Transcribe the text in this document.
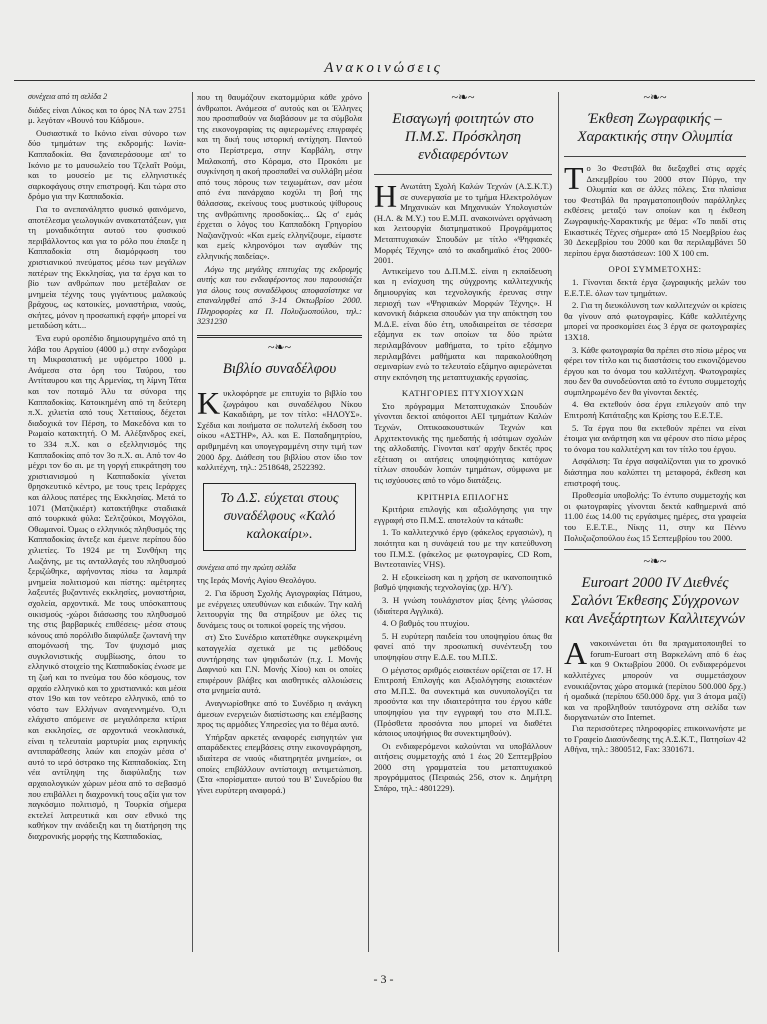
Ανακοινώσεις
συνέχεια από τη σελίδα 2

διάδες είναι Λύκος και το όρος ΝΑ των 2751 μ. λεγόταν «Βουνό του Κάδμου».

Ουσιαστικά το Ικόνιο είναι σύνορο των δύο τμημάτων της εκδρομής: Ιωνία-Καππαδοκία. Θα ξαναπεράσουμε απ' το Ικόνιο με το μαυσωλείο του Τζελαΐτ Ρούμι, και το μουσείο με τις ελληνιστικές σαρκοφάγους στην επιστροφή. Και τώρα στο δρόμο για την Καππαδοκία.

Για το ανεπανάληπτο φυσικό φαινόμενο, αποτέλεσμα γεωλογικών ανακατατάξεων, για τη μοναδικότητα αυτού του φυσικού περιβάλλοντος και για το ρόλο που έπαιξε η Καππαδοκία στη διαμόρφωση του χριστιανικού πνεύματος μέσω των μεγάλων πατέρων της Εκκλησίας, για τα έργα και το βίο των ανθρώπων που μετέβαλαν σε μνημεία τέχνης τους γιγάντιους μαλακούς βράχους, ως κατοικίες, μοναστήρια, ναούς, σκήτες, μόνον η προσωπική εφφή» μπορεί να μεταδώση κάτι...

Ένα ευρύ οροπέδιο δημιουργημένο από τη λάβα του Αργαίου (4000 μ.) στην ενδοχώρα τη Μικρασιατική με υψόμετρο 1000 μ. Ανάμεσα στα όρη του Ταύρου, του Αντίταυρου και της Αρμενίας, τη λίμνη Τάτα και τον ποταμό Άλυ τα σύνορα της Καππαδοκίας. Κατοικημένη από τη δεύτερη π.Χ. χιλιετία από τους Χετταίους, δέχεται διαδοχικά τον Πέρση, το Μακεδόνα και το Ρωμαίο κατακτητή. Ο Μ. Αλέξανδρος εκεί, το 334 π.Χ. και ο εξελληνισμός της Καππαδοκίας από τον 3ο π.Χ. αι. Από τον 4ο μέχρι τον 6ο αι. με τη γοργή επικράτηση του χριστιανισμού η Καππαδοκία γίνεται θρησκευτικό κέντρο, με τους τρεις Ιεράρχες και άλλους πατέρες της Εκκλησίας. Μετά το 1071 (Ματζικιέρτ) κατακτήθηκε σταδιακά από τουρκικά φύλα: Σελτζούκοι, Μογγόλοι, Οθωμανοί. Όμως ο ελληνικός πληθυσμός της Καππαδοκίας άντεξε και έμεινε περίπου δύο χιλιετίες. Το 1924 με τη Συνθήκη της Λωζάνης, με τις ανταλλαγές του πληθυσμού ξεριζώθηκε, αφήνοντας πίσω τα λαμπρά μνημεία πολιτισμού και πίστης: αμέτρητες λαξευτές βυζαντινές εκκλησίες, μοναστήρια, σχολεία, αρχοντικά. Με τους υπόσκαπτους οικισμούς -χώροι διάσωσης του πληθυσμού της στις βαρβαρικές επιθέσεις- μέσα στους κόνους από πορόλιθο διαφύλαξε ζωντανή την απομόνωσή της. Τον ψυχισμό μιας συγκλονιστικής συμβίωσης, όπου το ελληνικό στοιχείο της Καππαδοκίας ένωσε με τη ζωή και το πνεύμα του δύο κόσμους, τον αρχαίο ελληνικό και το χριστιανικό: και μέσα στον 19ο και τον νεότερο ελληνικό, από το νόστο των Ελλήνων αναγεννημένο. Ό,τι ελάχιστο απόμεινε σε μεγαλόπρεπα κτίρια και εκκλησίες, σε αρχοντικά νεοκλασικά, είναι η τελευταία μαρτυρία μιας ειρηνικής αντιπαράθεσης λαών και εποχών μέσα σ' αυτό το ιερό όστρακο της Καππαδοκίας. Στη νέα αντίληψη της διαφύλαξης των αρχαιολογικών χώρων μέσα από το σεβασμό που επιβάλλει η διαχρονική τους αξία για τον παγκόσμιο πολιτισμό, η Τουρκία σήμερα εκτελεί λατρευτικά και σαν εθνικό της καθήκον την ανάδειξη και τη διατήρηση της διαχρονικής μορφής της Καππαδοκίας,

που τη θαυμάζουν εκατομμύρια κάθε χρόνο άνθρωποι. Ανάμεσα σ' αυτούς και οι Έλληνες που προσπαθούν να διαβάσουν με τα σύμβολα της εικονογραφίας τις αφιερωμένες επιγραφές και τη δική τους ιστορική αντίχηση. Παντού στο Περίστρεμα, στην Καρβάλη, στην Μαλακοπή, στο Κόραμα, στο Προκόπι με συγκίνηση η ακοή προσπαθεί να συλλάβη μέσα από τους πόρους των τειχωμάτων, σαν μέσα από ένα πανάρχαιο κοχύλι τη βοή της θάλασσας, εκείνους τους μυστικούς ψίθυρους της ανθρώπινης προσδοκίας... Ως σ' εμάς έρχεται ο λόγος του Καππαδόκη Γρηγορίου Ναζιανζηνού: «Και εμείς ελληνίζουμε, είμαστε και εμείς κληρονόμοι των αγαθών της ελληνικής παιδείας».

Λόγω της μεγάλης επιτυχίας της εκδρομής αυτής και του ενδιαφέροντος που παρουσιάζει για όλους τους συναδέλφους αποφασίστηκε να επαναληφθεί από 3-14 Οκτωβρίου 2000. Πληροφορίες κα Π. Πολυζωοπούλου, τηλ.: 3231230

~❧~
Βιβλίο συναδέλφου
Κ υκλοφόρησε με επιτυχία το βιβλίο του ζωγράφου και συναδέλφου Νίκου Κακαδιάρη, με τον τίτλο: «ΗΛΟΥΣ». Σχέδια και ποιήματα σε πολυτελή έκδοση του οίκου «ΑΣΤΗΡ», Αλ. και Ε. Παπαδημητρίου, αριθμημένη και υπογεγραμμένη στην τιμή των 2000 δρχ. Διάθεση του βιβλίου στον ίδιο τον καλλιτέχνη, τηλ.: 2518648, 2522392.
Το Δ.Σ. εύχεται στους συναδέλφους «Καλό καλοκαίρι».
συνέχεια από την πρώτη σελίδα

της Ιεράς Μονής Αγίου Θεολόγου.

2. Για ίδρυση Σχολής Αγιογραφίας Πάτμου, με ενέργειες υπευθύνων και ειδικών. Την καλή λειτουργία της θα στηρίξουν με όλες τις δυνάμεις τους οι τοπικοί φορείς της νήσου.

στ) Στο Συνέδριο κατατέθηκε συγκεκριμένη καταγγελία σχετικά με τις μεθόδους συντήρησης των ψηφιδωτών (π.χ. Ι. Μονής Δαφνιού και Γ.Ν. Μονής Χίου) και οι οποίες επιφέρουν βλάβες και αισθητικές αλλοιώσεις στα μνημεία αυτά.

Αναγνωρίσθηκε από το Συνέδριο η ανάγκη άμεσων ενεργειών διαπίστωσης και επέμβασης προς τις αρμόδιες Υπηρεσίες για το θέμα αυτό.

Υπήρξαν αρκετές αναφορές εισηγητών για απαράδεκτες επεμβάσεις στην εικονογράφηση, ιδιαίτερα σε ναούς «διατηρητέα μνημεία», οι οποίες επιβάλλουν αντίστοιχη αντιμετώπιση. (Στα «πορίσματα» αυτού του Β' Συνεδρίου θα γίνει ευρύτερη αναφορά.)

~❧~
Εισαγωγή φοιτητών στο Π.Μ.Σ. Πρόσκληση ενδιαφερόντων
Η Ανωτάτη Σχολή Καλών Τεχνών (Α.Σ.Κ.Τ.) σε συνεργασία με το τμήμα Ηλεκτρολόγων Μηχανικών και Μηχανικών Υπολογιστών (Η.Λ. & Μ.Υ.) του Ε.Μ.Π. ανακοινώνει οργάνωση και λειτουργία διατμηματικού Προγράμματος Μεταπτυχιακών Σπουδών με τίτλο «Ψηφιακές Μορφές Τέχνης» από το ακαδημαϊκό έτος 2000-2001.

Αντικείμενο του Δ.Π.Μ.Σ. είναι η εκπαίδευση και η ενίσχυση της σύγχρονης καλλιτεχνικής δημιουργίας και τεχνολογικής έρευνας στην περιοχή των «Ψηφιακών Μορφών Τέχνης». Η κανονική διάρκεια σπουδών για την απόκτηση του Μ.Δ.Ε. είναι δύο έτη, υποδιαιρείται σε τέσσερα εξάμηνα εκ των οποίων τα δύο πρώτα περιλαμβάνουν μαθήματα, το τρίτο εξάμηνο περιλαμβάνει μαθήματα και παρακολούθηση σεμιναρίων ενώ το τελευταίο εξάμηνο αφιερώνεται στην εκπόνηση της μεταπτυχιακής εργασίας.

ΚΑΤΗΓΟΡΙΕΣ ΠΤΥΧΙΟΥΧΩΝ

Στο πρόγραμμα Μεταπτυχιακών Σπουδών γίνονται δεκτοί απόφοιτοι ΑΕΙ τμημάτων Καλών Τεχνών, Οπτικοακουστικών Τεχνών και Αρχιτεκτονικής της ημεδαπής ή ισότιμων σχολών της αλλοδαπής. Γίνονται κατ' αρχήν δεκτές προς εξέταση οι αιτήσεις υποψηφιότητας κατόχων τίτλων σπουδών λοιπών τμημάτων, σύμφωνα με τις ισχύουσες από το νόμο διατάξεις.

ΚΡΙΤΗΡΙΑ ΕΠΙΛΟΓΗΣ

Κριτήρια επιλογής και αξιολόγησης για την εγγραφή στο Π.Μ.Σ. αποτελούν τα κάτωθι:

1. Το καλλιτεχνικό έργο (φάκελος εργασιών), η ποιότητα και η συνάφειά του με την κατεύθυνση του Π.Μ.Σ. (φάκελος με φωτογραφίες, CD Rom, Βιντεοταινίες VHS).

2. Η εξοικείωση και η χρήση σε ικανοποιητικό βαθμό ψηφιακής τεχνολογίας (χρ. Η/Υ).

3. Η γνώση τουλάχιστον μίας ξένης γλώσσας (ιδιαίτερα Αγγλικά).

4. Ο βαθμός του πτυχίου.

5. Η ευρύτερη παιδεία του υποψηφίου όπως θα φανεί από την προσωπική συνέντευξη του υποψηφίου στην Ε.Δ.Ε. του Μ.Π.Σ.

Ο μέγιστος αριθμός εισακτέων ορίζεται σε 17. Η Επιτροπή Επιλογής και Αξιολόγησης εισακτέων στο Μ.Π.Σ. θα συνεκτιμά και συνυπολογίζει τα προσόντα και την ιδιαιτερότητα του έργου κάθε υποψηφίου για την εγγραφή του στο Μ.Π.Σ. (Πρόσθετα προσόντα που μπορεί να διαθέτει κάποιος υποψήφιος θα συνεκτιμηθούν).

Οι ενδιαφερόμενοι καλούνται να υποβάλλουν αιτήσεις συμμετοχής από 1 έως 20 Σεπτεμβρίου 2000 στη γραμματεία του μεταπτυχιακού προγράμματος (Πειραιώς 256, στον κ. Δημήτρη Σπάρο, τηλ.: 4801229).

~❧~
Έκθεση Ζωγραφικής – Χαρακτικής στην Ολυμπία
Τ ο 3ο Φεστιβάλ θα διεξαχθεί στις αρχές Δεκεμβρίου του 2000 στον Πύργο, την Ολυμπία και σε άλλες πόλεις. Στα πλαίσια του Φεστιβάλ θα πραγματοποιηθούν παράλληλες εκθέσεις μεταξύ των οποίων και η έκθεση Ζωγραφικής-Χαρακτικής με θέμα: «Το παιδί στις Εικαστικές Τέχνες σήμερα» από 15 Νοεμβρίου έως 30 Δεκεμβρίου του 2000 και θα περιλαμβάνει 50 περίπου έργα διαστάσεων: 100 Χ 100 cm.
ΟΡΟΙ ΣΥΜΜΕΤΟΧΗΣ:

1. Γίνονται δεκτά έργα ζωγραφικής μελών του Ε.Ε.Τ.Ε. όλων των τμημάτων.

2. Για τη διευκόλυνση των καλλιτεχνών οι κρίσεις θα γίνουν από φωτογραφίες. Κάθε καλλιτέχνης μπορεί να προσκομίσει έως 3 έργα σε φωτογραφίες 13Χ18.

3. Κάθε φωτογραφία θα πρέπει στο πίσω μέρος να φέρει τον τίτλο και τις διαστάσεις του εικονιζόμενου έργου και το όνομα του καλλιτέχνη. Φωτογραφίες που δεν θα συνοδεύονται από το έντυπο συμμετοχής συμπληρωμένο δεν θα γίνονται δεκτές.

4. Θα εκτεθούν όσα έργα επιλεγούν από την Επιτροπή Κατάταξης και Κρίσης του Ε.Ε.Τ.Ε.

5. Τα έργα που θα εκτεθούν πρέπει να είναι έτοιμα για ανάρτηση και να φέρουν στο πίσω μέρος το όνομα του καλλιτέχνη και τον τίτλο του έργου.

Ασφάλιση: Τα έργα ασφαλίζονται για το χρονικό διάστημα που καλύπτει τη μεταφορά, έκθεση και επιστροφή τους.

Προθεσμία υποβολής: Το έντυπο συμμετοχής και οι φωτογραφίες γίνονται δεκτά καθημερινά από 11.00 έως 14.00 τις εργάσιμες ημέρες, στα γραφεία του Ε.Ε.Τ.Ε., Νίκης 11, στην κα Πέννυ Πολυζωζοπούλου έως 15 Σεπτεμβρίου του 2000.

~❧~
Euroart 2000 IV Διεθνές Σαλόνι Έκθεσης Σύγχρονων και Ανεξάρτητων Καλλιτεχνών
Α νακοινώνεται ότι θα πραγματοποιηθεί το forum-Euroart στη Βαρκελώνη από 6 έως και 9 Οκτωβρίου 2000. Οι ενδιαφερόμενοι καλλιτέχνες μπορούν να συμμετάσχουν ενοικιάζοντας χώρο ατομικά (περίπου 500.000 δρχ.) ή ομαδικά (περίπου 650.000 δρχ. για 3 άτομα μαζί) και να προβληθούν ταυτόχρονα στη σελίδα των διοργανωτών στο Internet.

Για περισσότερες πληροφορίες επικοινωνήστε με το Γραφείο Διασύνδεσης της Α.Σ.Κ.Τ., Πατησίων 42 Αθήνα, τηλ.: 3800512, Fax: 3301671.

- 3 -
